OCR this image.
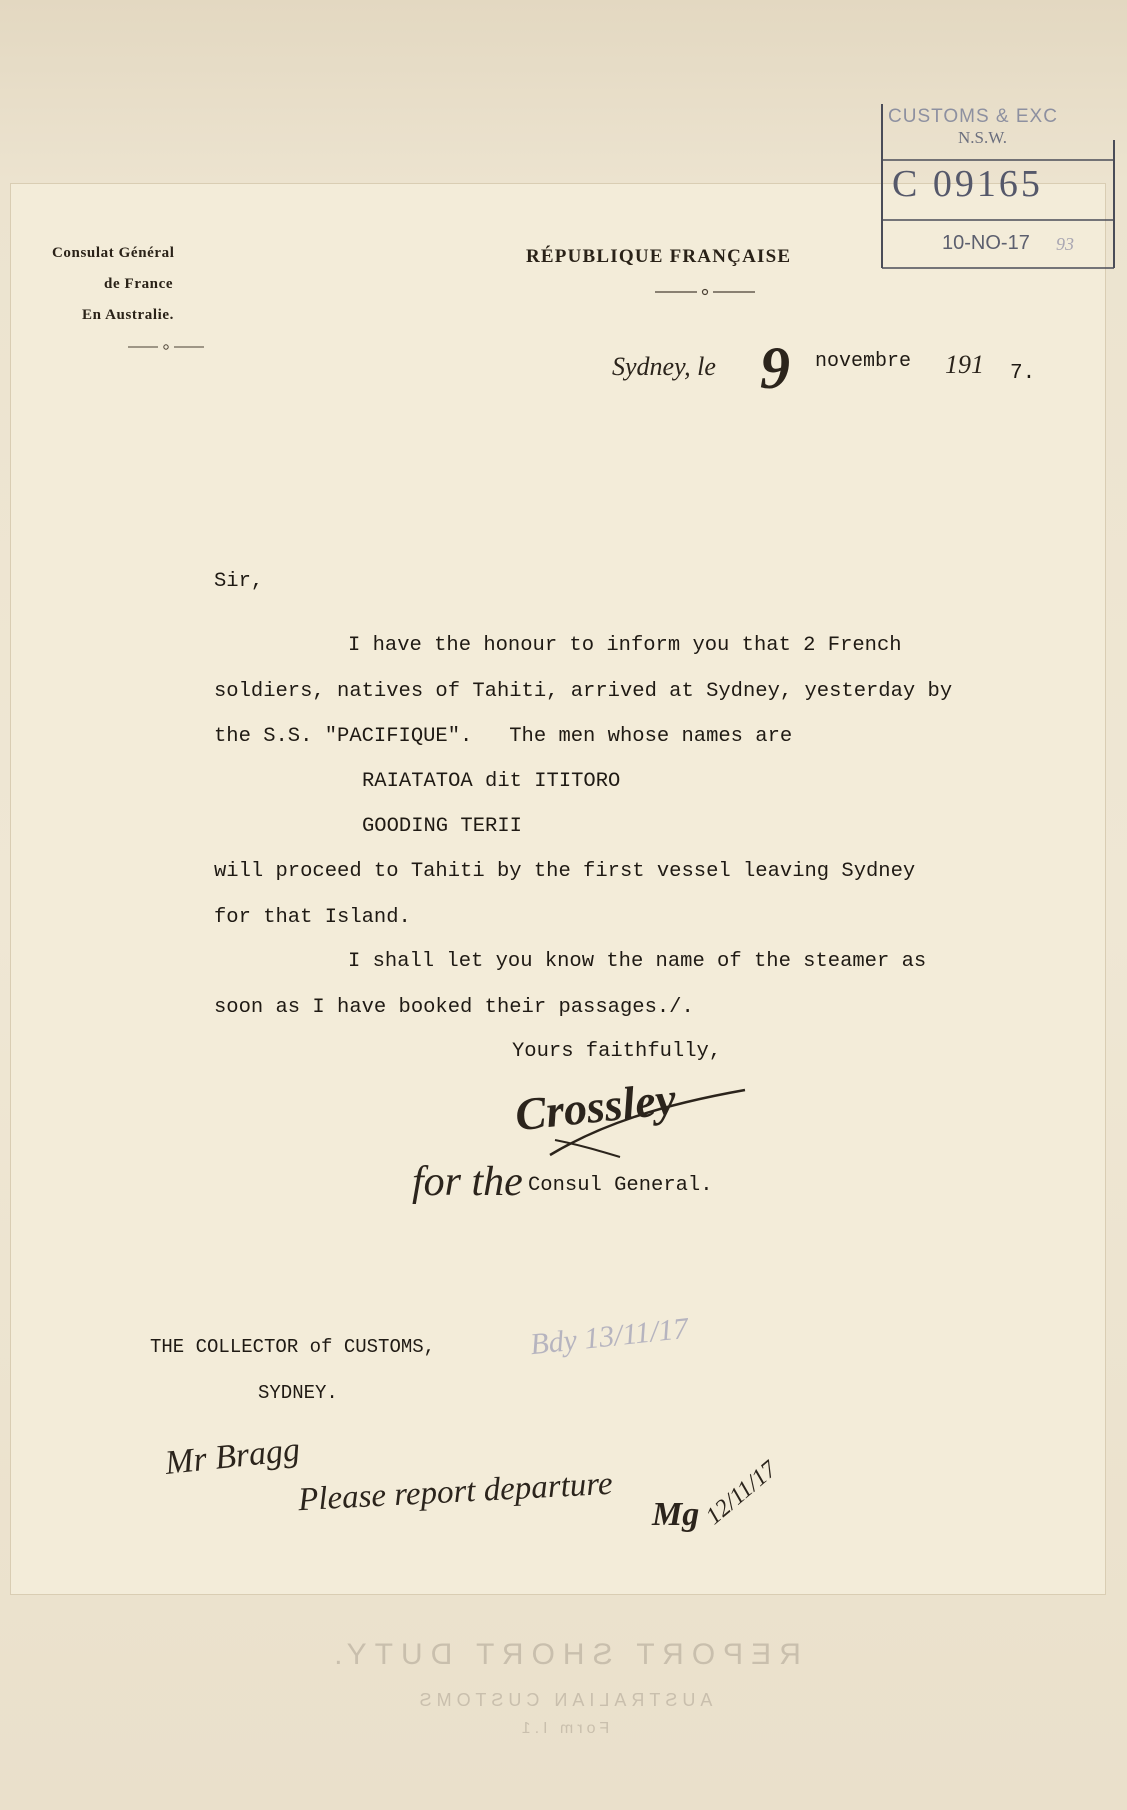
Consulat Général
de France
En Australie.
RÉPUBLIQUE FRANÇAISE
Sydney, le 9 novembre 191 7.
Sir,
I have the honour to inform you that 2 French
soldiers, natives of Tahiti, arrived at Sydney, yesterday by
the S.S. "PACIFIQUE".   The men whose names are
RAIATATOA dit ITITORO
GOODING TERII
will proceed to Tahiti by the first vessel leaving Sydney
for that Island.
I shall let you know the name of the steamer as
soon as I have booked their passages./.
Yours faithfully,
Crossley
for the Consul General.
THE COLLECTOR of CUSTOMS,
SYDNEY.
Bdy 13/11/17
Mr Bragg
Please report departure Mg 12/11/17
REPORT SHORT DUTY.
AUSTRALIAN CUSTOMS
Form I.1
CUSTOMS & EXC
N.S.W.
C 09165
10-NO-17 93
